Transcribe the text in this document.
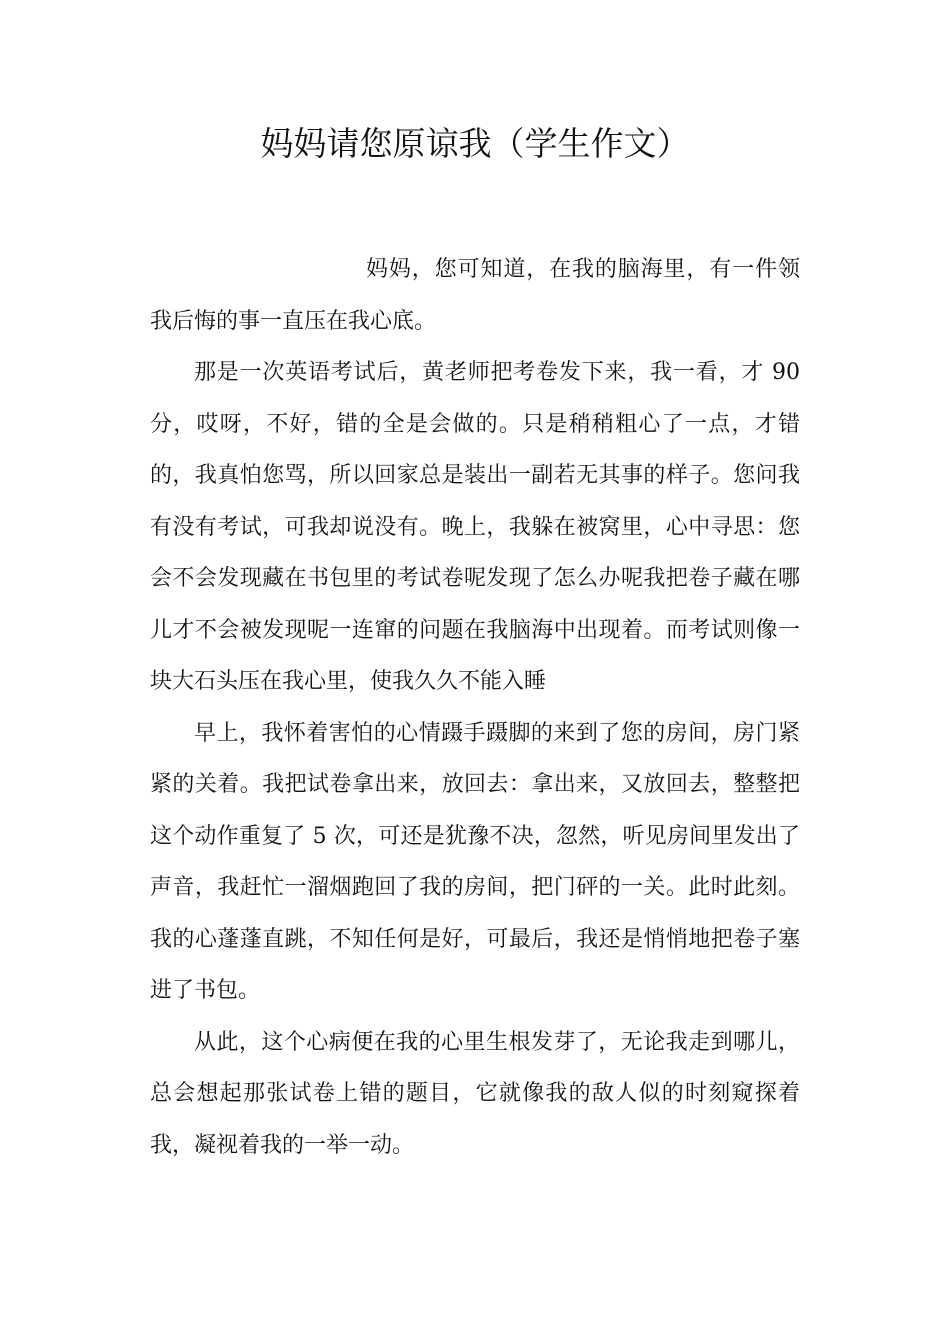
妈妈请您原谅我（学生作文）

妈妈，您可知道，在我的脑海里，有一件领我后悔的事一直压在我心底。

那是一次英语考试后，黄老师把考卷发下来，我一看，才 90 分，哎呀，不好，错的全是会做的。只是稍稍粗心了一点，才错的，我真怕您骂，所以回家总是装出一副若无其事的样子。您问我有没有考试，可我却说没有。晚上，我躲在被窝里，心中寻思：您会不会发现藏在书包里的考试卷呢发现了怎么办呢我把卷子藏在哪儿才不会被发现呢一连窜的问题在我脑海中出现着。而考试则像一块大石头压在我心里，使我久久不能入睡

早上，我怀着害怕的心情蹑手蹑脚的来到了您的房间，房门紧紧的关着。我把试卷拿出来，放回去：拿出来，又放回去，整整把这个动作重复了 5 次，可还是犹豫不决，忽然，听见房间里发出了声音，我赶忙一溜烟跑回了我的房间，把门砰的一关。此时此刻。我的心蓬蓬直跳，不知任何是好，可最后，我还是悄悄地把卷子塞进了书包。

从此，这个心病便在我的心里生根发芽了，无论我走到哪儿，总会想起那张试卷上错的题目，它就像我的敌人似的时刻窥探着我，凝视着我的一举一动。
